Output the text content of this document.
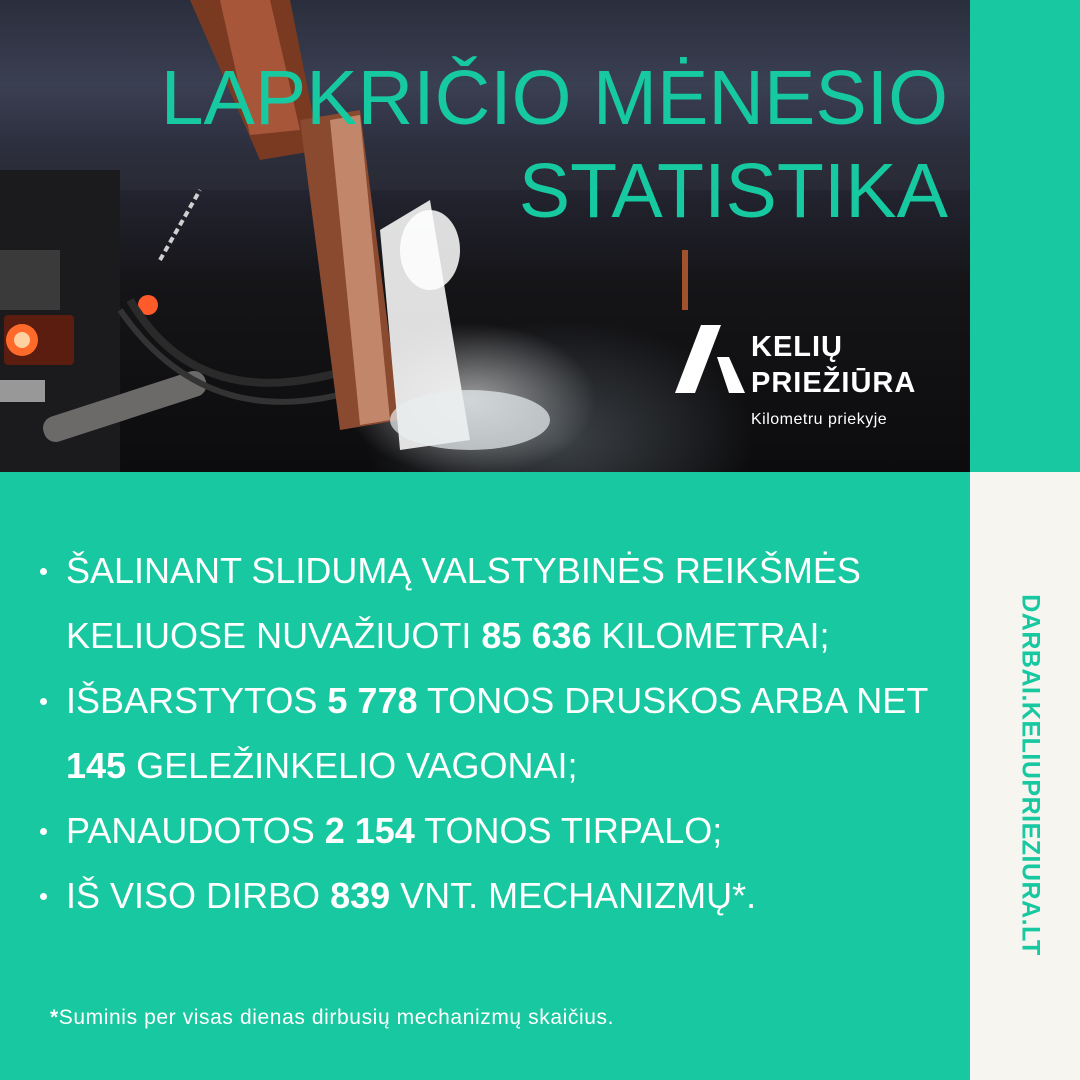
LAPKRIČIO MĖNESIO
STATISTIKA
KELIŲ
PRIEŽIŪRA
Kilometru priekyje
DARBAI.KELIUPRIEZIURA.LT
ŠALINANT SLIDUMĄ VALSTYBINĖS REIKŠMĖS KELIUOSE NUVAŽIUOTI 85 636 KILOMETRAI;
IŠBARSTYTOS 5 778 TONOS DRUSKOS ARBA NET 145 GELEŽINKELIO VAGONAI;
PANAUDOTOS 2 154 TONOS TIRPALO;
IŠ VISO DIRBO 839 VNT. MECHANIZMŲ*.
*Suminis per visas dienas dirbusių mechanizmų skaičius.
